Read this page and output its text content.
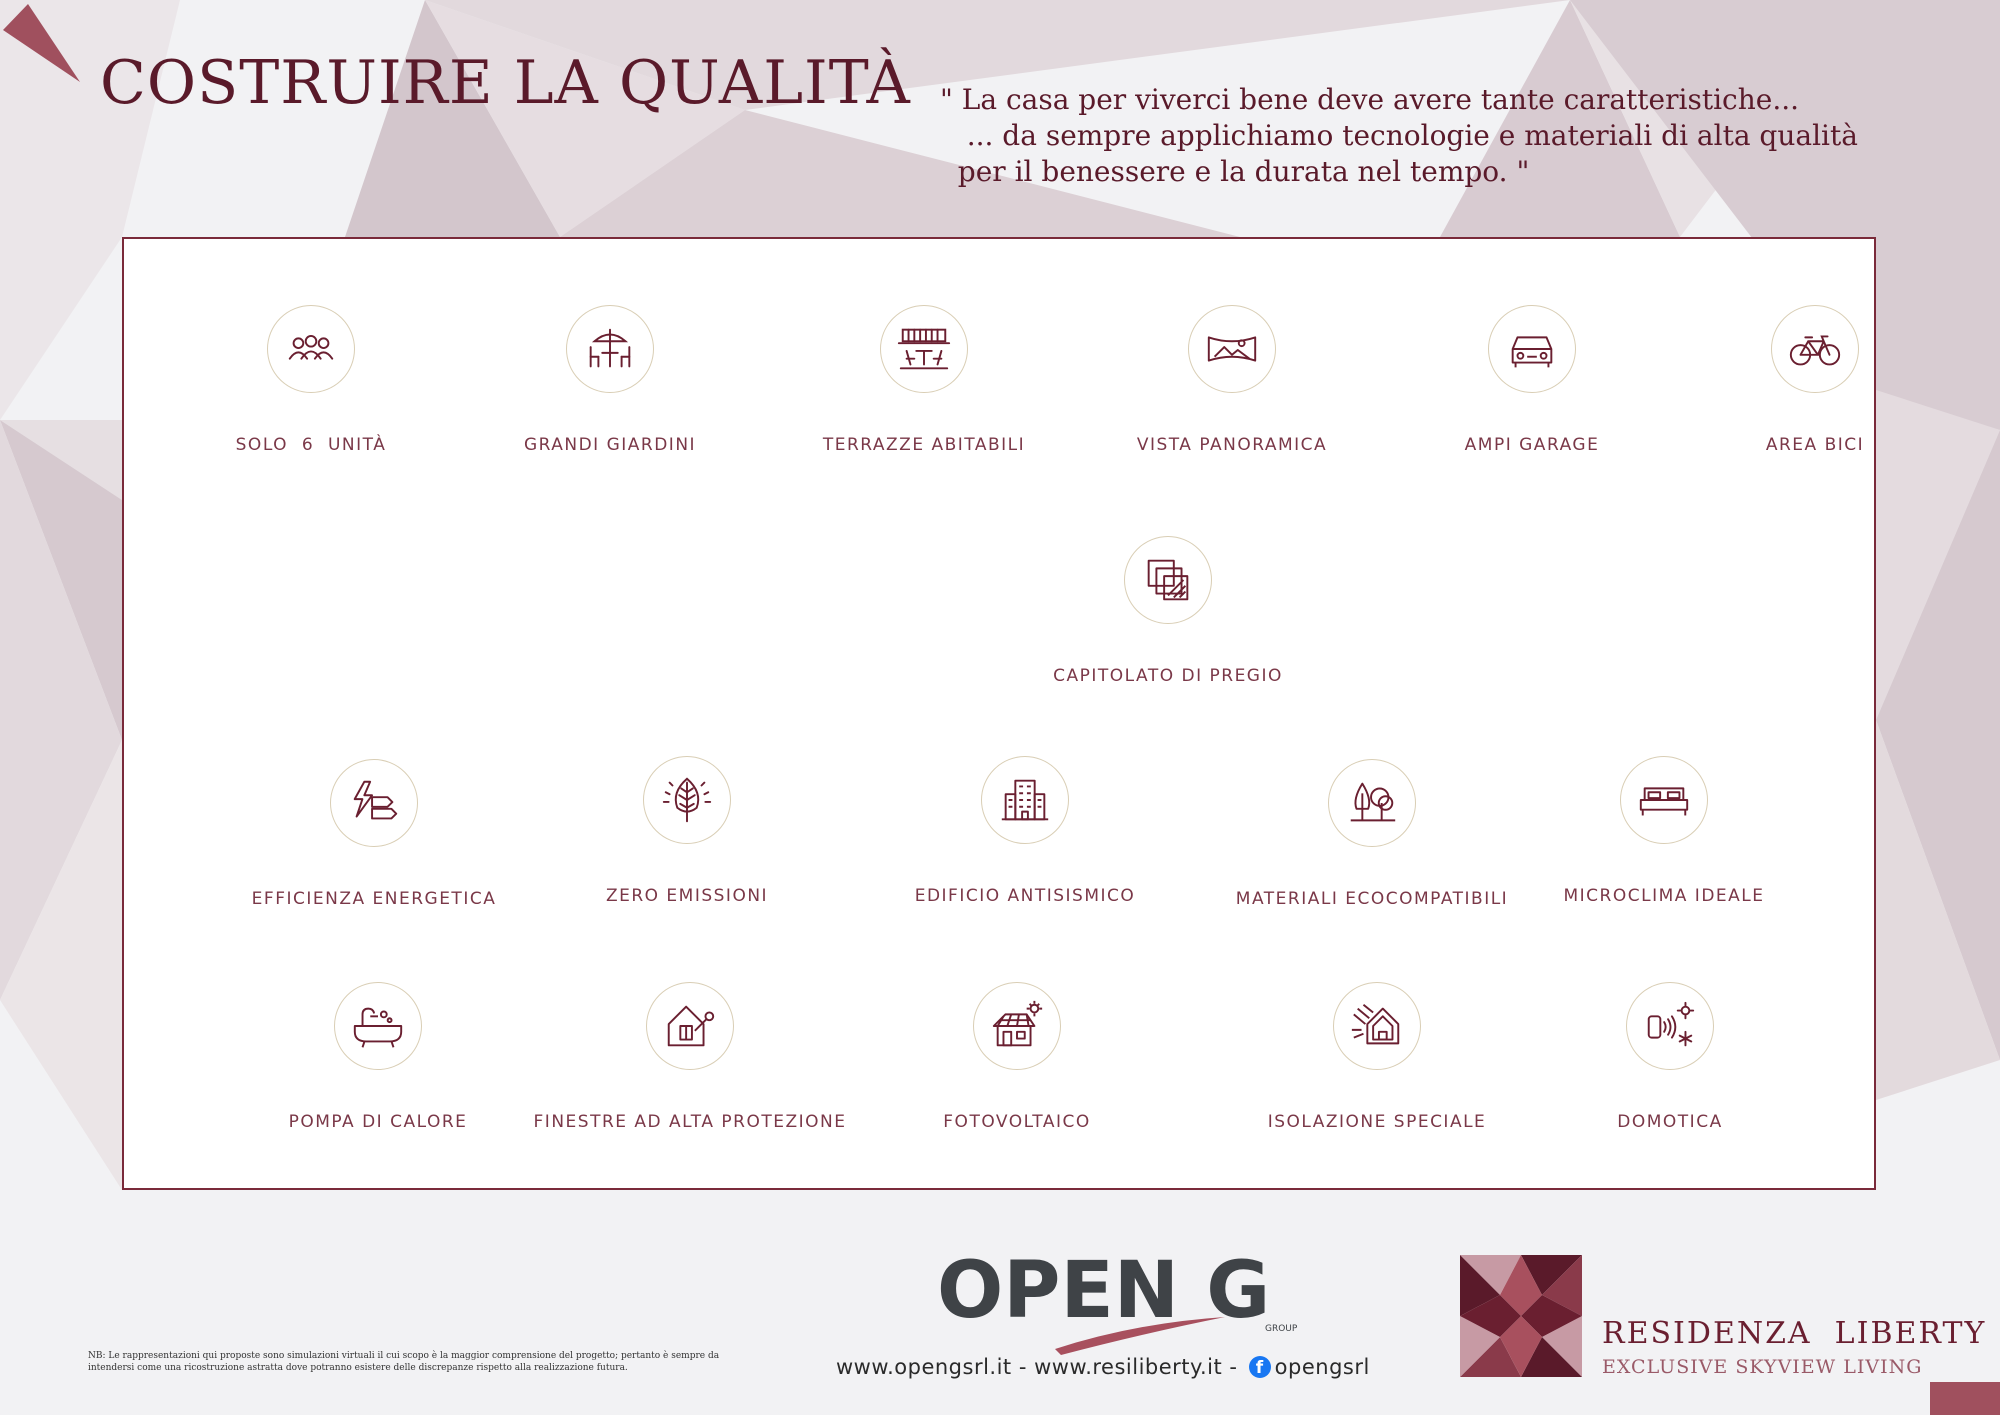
COSTRUIRE LA QUALITÀ " La casa per viverci bene deve avere tante caratteristiche...
... da sempre applichiamo tecnologie e materiali di alta qualità
per il benessere e la durata nel tempo. "
SOLO  6  UNITÀ	GRANDI GIARDINI	TERRAZZE ABITABILI	VISTA PANORAMICA	AMPI GARAGE	AREA BICI
CAPITOLATO DI PREGIO
EFFICIENZA ENERGETICA	ZERO EMISSIONI	EDIFICIO ANTISISMICO	MATERIALI ECOCOMPATIBILI	MICROCLIMA IDEALE
POMPA DI CALORE	FINESTRE AD ALTA PROTEZIONE	FOTOVOLTAICO	ISOLAZIONE SPECIALE	DOMOTICA
NB: Le rappresentazioni qui proposte sono simulazioni virtuali il cui scopo è la maggior comprensione del progetto; pertanto è sempre da intendersi come una ricostruzione astratta dove potranno esistere delle discrepanze rispetto alla realizzazione futura.
OPEN G
GROUP
www.opengsrl.it - www.resiliberty.it - f opengsrl
RESIDENZA  LIBERTY
EXCLUSIVE SKYVIEW LIVING
